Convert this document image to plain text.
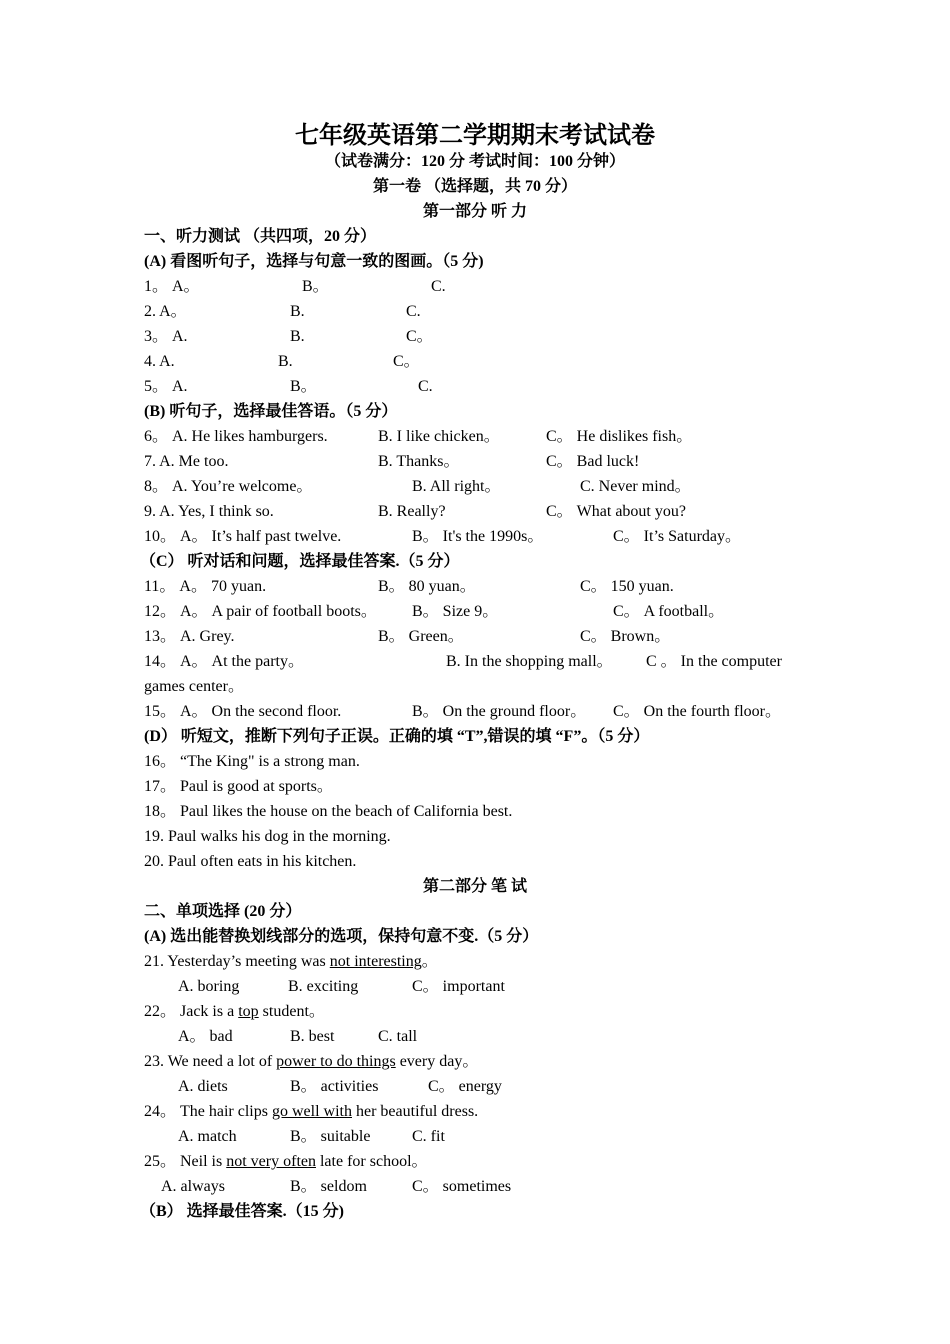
七年级英语第二学期期末考试试卷
（试卷满分：120 分 考试时间：100 分钟）
第一卷 （选择题，共 70 分）
第一部分 听 力
一、听力测试 （共四项，20 分）
(A) 看图听句子，选择与句意一致的图画。（5 分)
1。 A。	B。	C.
2. A。	B.	C.
3。 A.	B.	C。
4. A.	B.	C。
5。 A.	B。	C.
(B) 听句子，选择最佳答语。（5 分）
6。 A. He likes hamburgers.	B. I like chicken。	C。 He dislikes fish。
7. A. Me too.	B. Thanks。	C。 Bad luck!
8。 A. You’re welcome。	B. All right。	C. Never mind。
9. A. Yes, I think so.	B. Really?	C。 What about you?
10。 A。 It’s half past twelve.	B。 It's the 1990s。	C。 It’s Saturday。
（C） 听对话和问题，选择最佳答案.（5 分）
11。 A。 70 yuan.	B。 80 yuan。	C。 150 yuan.
12。 A。 A pair of football boots。 B。 Size 9。	C。 A football。
13。 A. Grey.	B。 Green。	C。 Brown。
14。 A。 At the party。	B. In the shopping mall。 C 。 In the computer
games center。
15。 A。 On the second floor.	B。 On the ground floor。 C。 On the fourth floor。
(D） 听短文，推断下列句子正误。正确的填 “T”,错误的填 “F”。（5 分）
16。 “The King" is a strong man.
17。 Paul is good at sports。
18。 Paul likes the house on the beach of California best.
19. Paul walks his dog in the morning.
20. Paul often eats in his kitchen.
第二部分 笔 试
二、单项选择 (20 分）
(A) 选出能替换划线部分的选项，保持句意不变.（5 分）
21. Yesterday’s meeting was not interesting。
A. boring	B. exciting	C。 important
22。 Jack is a top student。
A。 bad	B. best	C. tall
23. We need a lot of power to do things every day。
A. diets	B。 activities	C。 energy
24。 The hair clips go well with her beautiful dress.
A. match	B。 suitable	C. fit
25。 Neil is not very often late for school。
A. always	B。 seldom	C。 sometimes
（B） 选择最佳答案.（15 分)
